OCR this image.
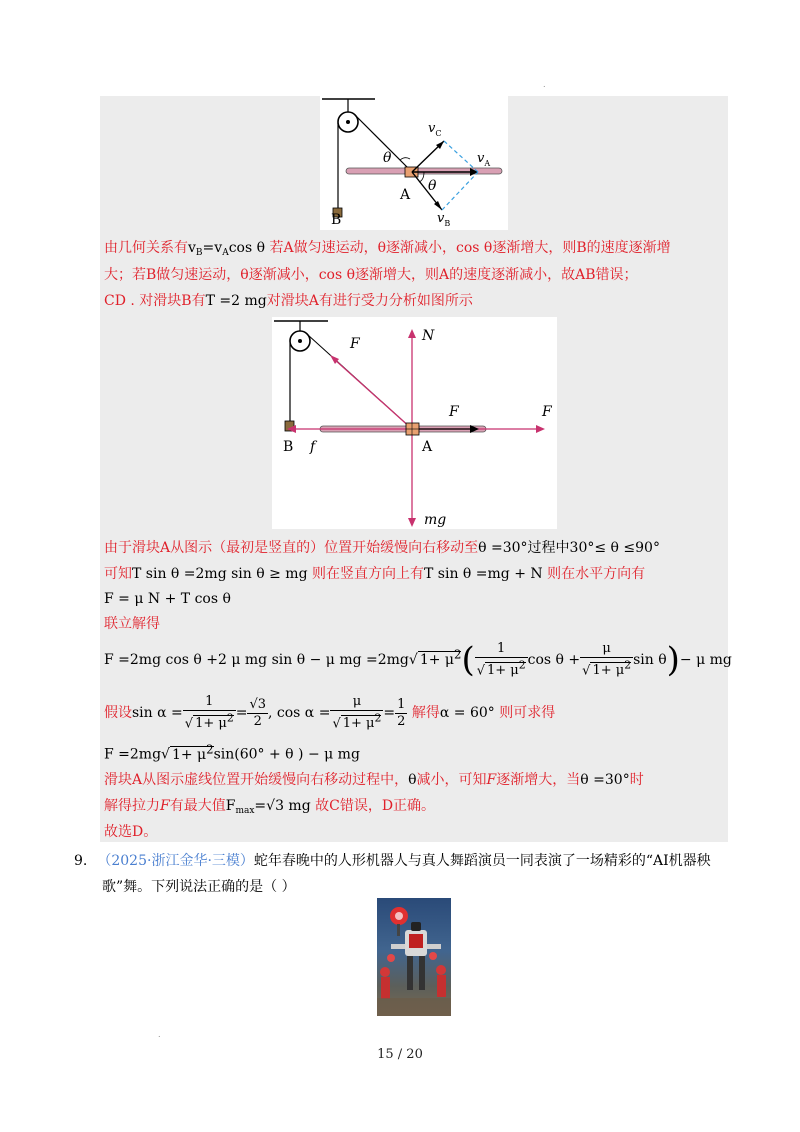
.
$v_C$
$v_A$
$v_B$
θ
θ
A
B
由几何关系有$v_B=v_A\cos$ θ 若A做匀速运动，θ逐渐减小，cos θ逐渐增大，则B的速度逐渐增
大；若B做匀速运动，θ逐渐减小，cos θ逐渐增大，则A的速度逐渐减小，故AB错误；
CD . 对滑块B有T =2 mg对滑块A有进行受力分析如图所示
F	N
F	F
f
mg
A
B
由于滑块A从图示（最初是竖直的）位置开始缓慢向右移动至θ =30°过程中30°≤ θ ≤90°
可知T sin θ =2mg sin θ ≥ mg 则在竖直方向上有T sin θ =mg + N 则在水平方向有
F = μ N + T cos θ
联立解得
F =2mg cos θ +2 μ mg sin θ − μ mg =2mg√ $1+ \mu^2( \frac{1}{√ 1+ \mu^2}$ $\cos \theta + \frac{\mu}{√ 1+ \mu^2}$ sin θ)− μ mg
假设$\sin \alpha = \frac{1}{√ 1+ \mu^2} = \frac{√3}{2}$ , $\cos \alpha = \frac{\mu}{√ 1+ \mu^2} = \frac{1}{2}$ 解得α = 60° 则可求得
F =2mg√ $1+ \mu^2\sin(60^\circ + \theta$ ) − μ mg
滑块A从图示虚线位置开始缓慢向右移动过程中，θ减小，可知F逐渐增大，当θ =30°时
解得拉力F有最大值$F_{max}=√3$ mg 故C错误，D正确。
故选D。
9. （2025·浙江金华·三模）蛇年春晚中的人形机器人与真人舞蹈演员一同表演了一场精彩的“AI机器秧
歌”舞。下列说法正确的是（ ）
.
15 / 20
